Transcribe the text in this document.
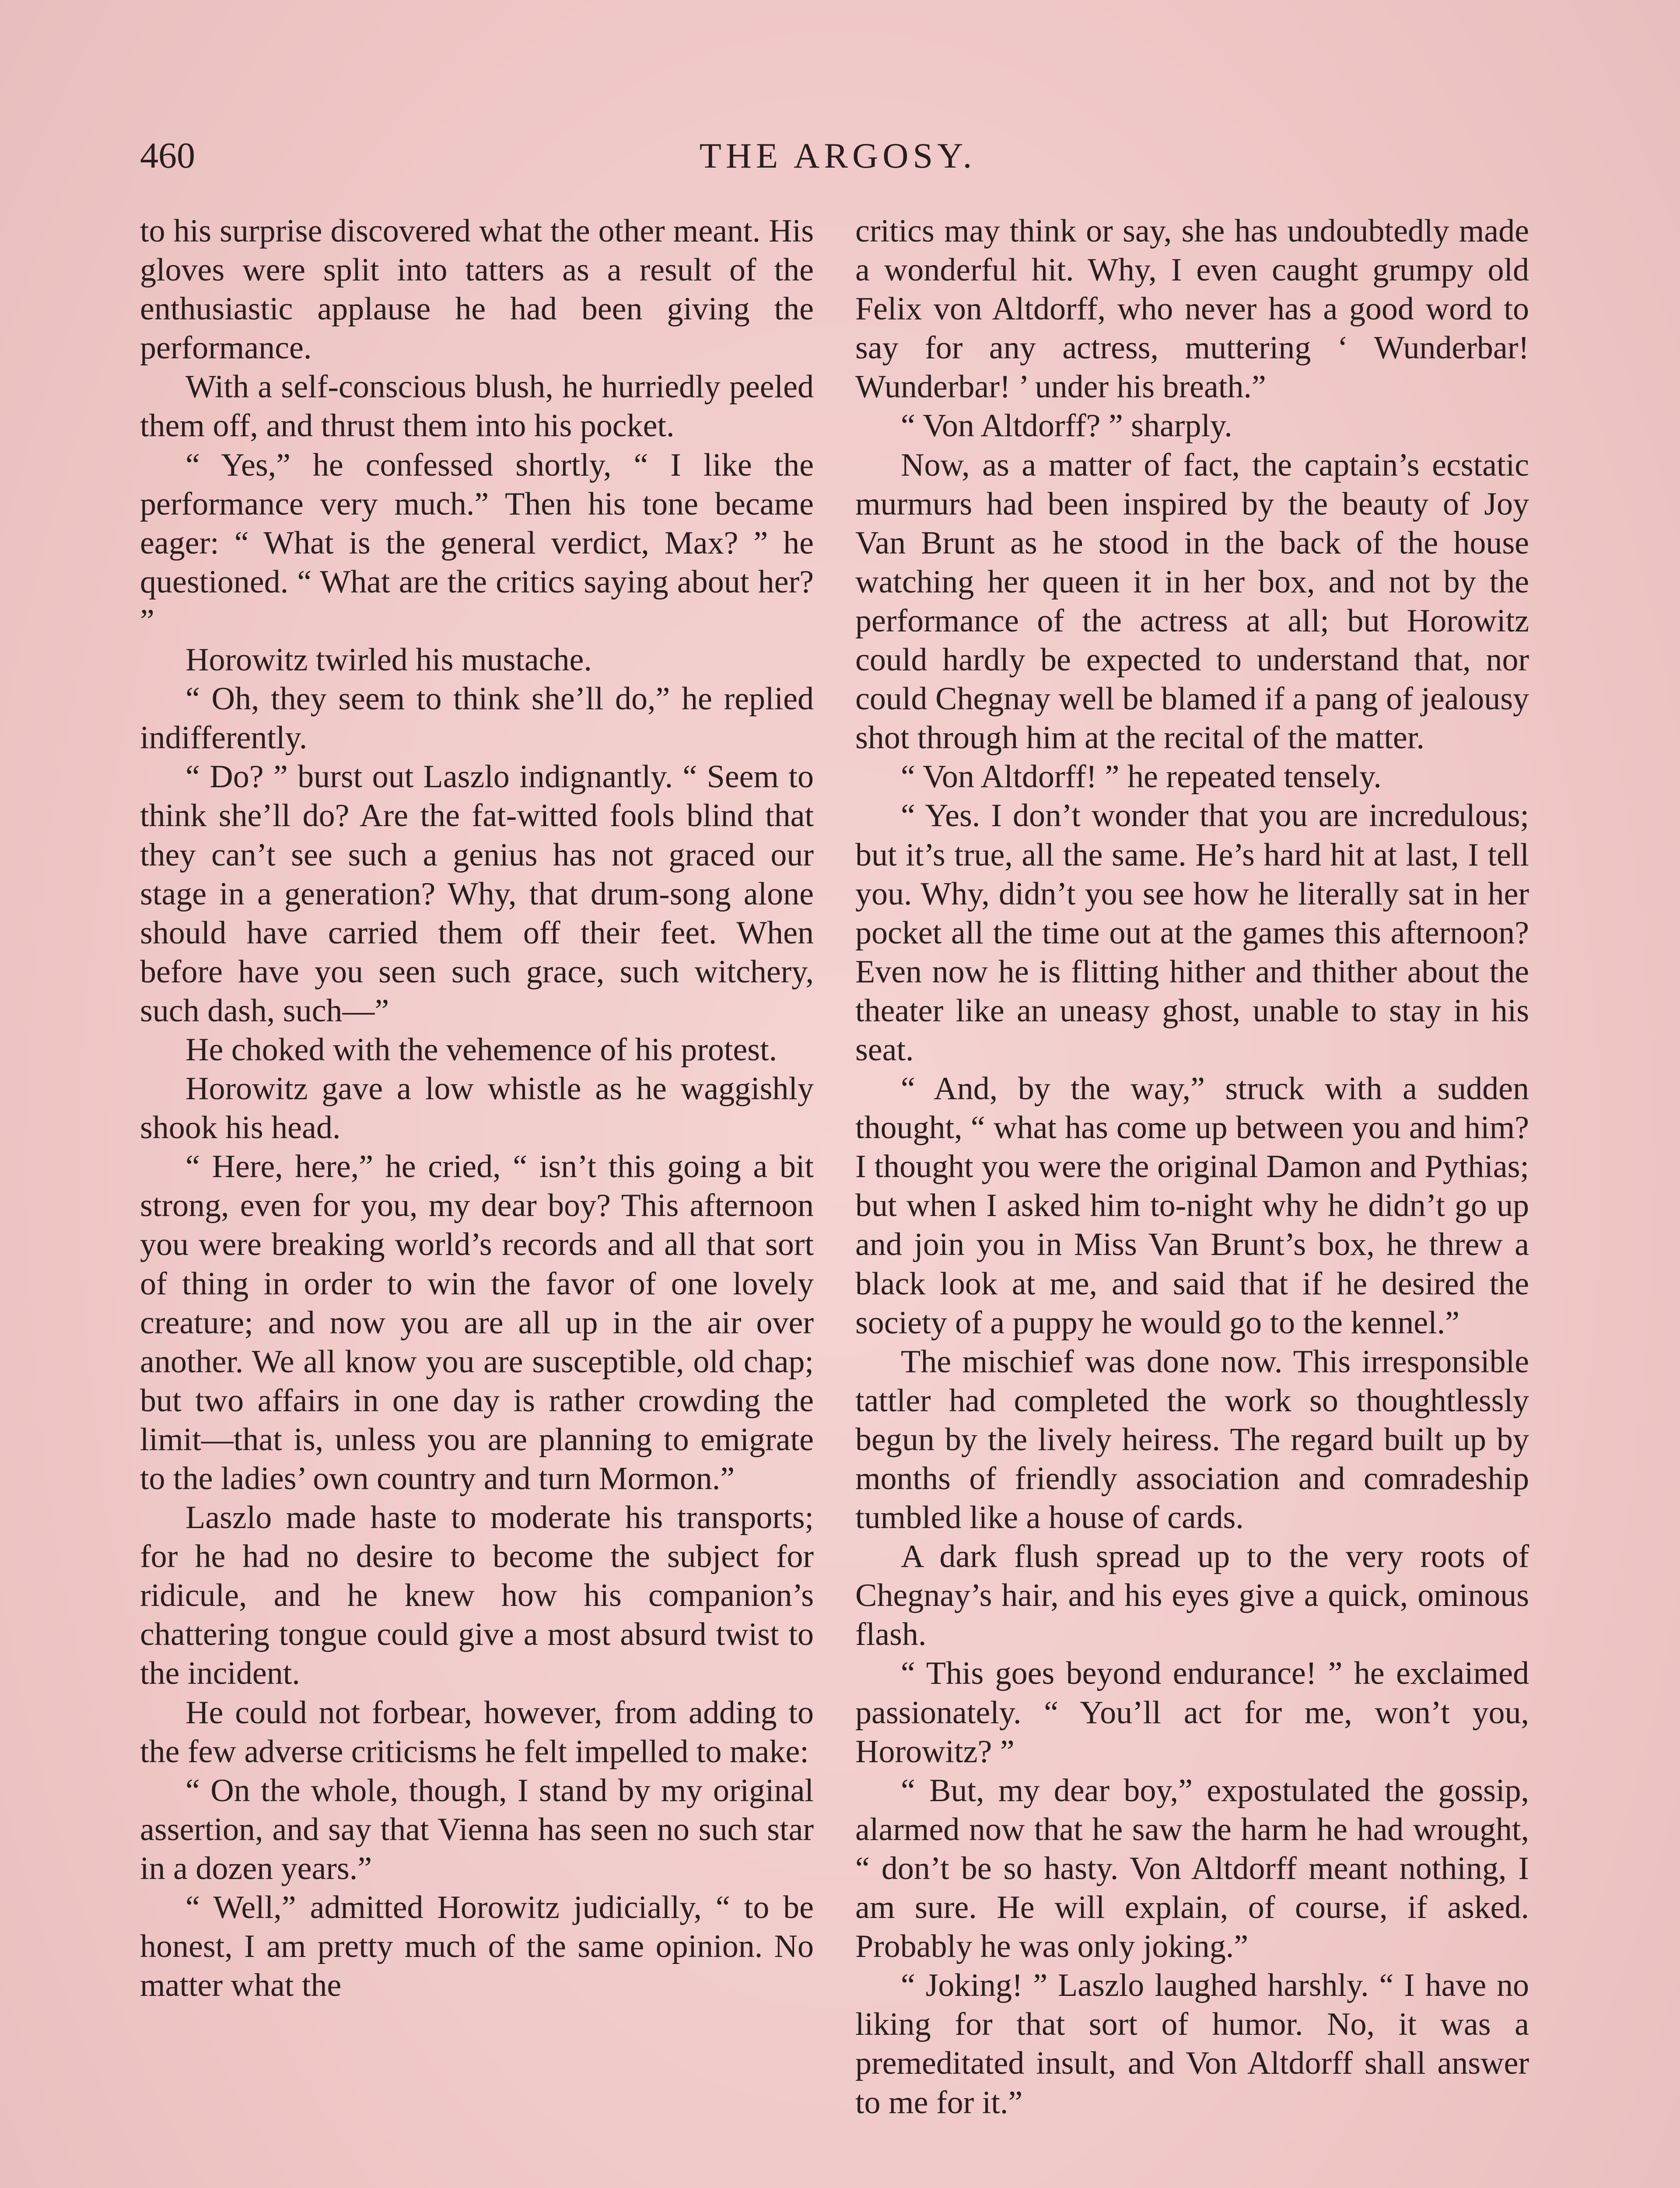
460	THE ARGOSY.

to his surprise discovered what the other meant. His gloves were split into tatters as a result of the enthusiastic applause he had been giving the performance.

With a self-conscious blush, he hurriedly peeled them off, and thrust them into his pocket.

“ Yes,” he confessed shortly, “ I like the performance very much.” Then his tone became eager: “ What is the general verdict, Max? ” he questioned. “ What are the critics saying about her? ”

Horowitz twirled his mustache.

“ Oh, they seem to think she’ll do,” he replied indifferently.

“ Do? ” burst out Laszlo indignantly. “ Seem to think she’ll do? Are the fat-witted fools blind that they can’t see such a genius has not graced our stage in a generation? Why, that drum-song alone should have carried them off their feet. When before have you seen such grace, such witchery, such dash, such—”

He choked with the vehemence of his protest.

Horowitz gave a low whistle as he waggishly shook his head.

“ Here, here,” he cried, “ isn’t this going a bit strong, even for you, my dear boy? This afternoon you were breaking world’s records and all that sort of thing in order to win the favor of one lovely creature; and now you are all up in the air over another. We all know you are susceptible, old chap; but two affairs in one day is rather crowding the limit—that is, unless you are planning to emigrate to the ladies’ own country and turn Mormon.”

Laszlo made haste to moderate his transports; for he had no desire to become the subject for ridicule, and he knew how his companion’s chattering tongue could give a most absurd twist to the incident.

He could not forbear, however, from adding to the few adverse criticisms he felt impelled to make:

“ On the whole, though, I stand by my original assertion, and say that Vienna has seen no such star in a dozen years.”

“ Well,” admitted Horowitz judicially, “ to be honest, I am pretty much of the same opinion. No matter what the

critics may think or say, she has undoubtedly made a wonderful hit. Why, I even caught grumpy old Felix von Altdorff, who never has a good word to say for any actress, muttering ‘ Wunderbar! Wunderbar! ’ under his breath.”

“ Von Altdorff? ” sharply.

Now, as a matter of fact, the captain’s ecstatic murmurs had been inspired by the beauty of Joy Van Brunt as he stood in the back of the house watching her queen it in her box, and not by the performance of the actress at all; but Horowitz could hardly be expected to understand that, nor could Chegnay well be blamed if a pang of jealousy shot through him at the recital of the matter.

“ Von Altdorff! ” he repeated tensely.

“ Yes. I don’t wonder that you are incredulous; but it’s true, all the same. He’s hard hit at last, I tell you. Why, didn’t you see how he literally sat in her pocket all the time out at the games this afternoon? Even now he is flitting hither and thither about the theater like an uneasy ghost, unable to stay in his seat.

“ And, by the way,” struck with a sudden thought, “ what has come up between you and him? I thought you were the original Damon and Pythias; but when I asked him to-night why he didn’t go up and join you in Miss Van Brunt’s box, he threw a black look at me, and said that if he desired the society of a puppy he would go to the kennel.”

The mischief was done now. This irresponsible tattler had completed the work so thoughtlessly begun by the lively heiress. The regard built up by months of friendly association and comradeship tumbled like a house of cards.

A dark flush spread up to the very roots of Chegnay’s hair, and his eyes give a quick, ominous flash.

“ This goes beyond endurance! ” he exclaimed passionately. “ You’ll act for me, won’t you, Horowitz? ”

“ But, my dear boy,” expostulated the gossip, alarmed now that he saw the harm he had wrought, “ don’t be so hasty. Von Altdorff meant nothing, I am sure. He will explain, of course, if asked. Probably he was only joking.”

“ Joking! ” Laszlo laughed harshly. “ I have no liking for that sort of humor. No, it was a premeditated insult, and Von Altdorff shall answer to me for it.”
